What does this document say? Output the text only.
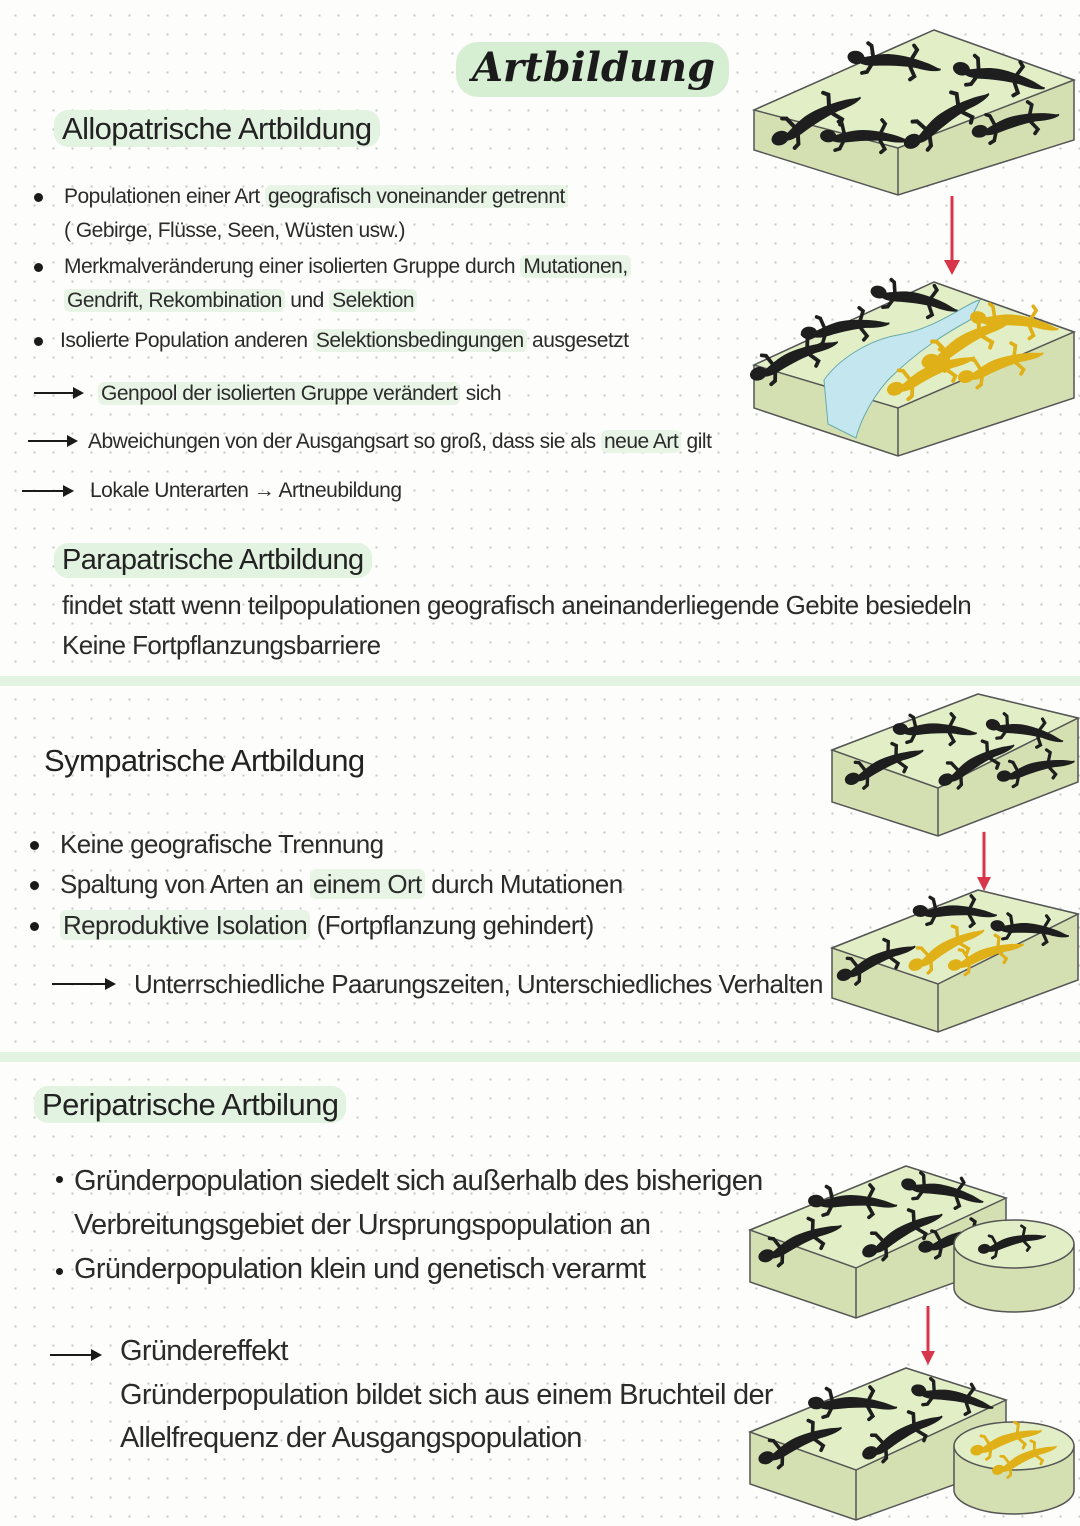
Artbildung
Allopatrische Artbildung
Populationen einer Art geografisch voneinander getrennt
( Gebirge, Flüsse, Seen, Wüsten usw.)
Merkmalveränderung einer isolierten Gruppe durch Mutationen,
Gendrift, Rekombination und Selektion
Isolierte Population anderen Selektionsbedingungen ausgesetzt
Genpool der isolierten Gruppe verändert sich
Abweichungen von der Ausgangsart so groß, dass sie als neue Art gilt
Lokale Unterarten → Artneubildung
Parapatrische Artbildung
findet statt wenn teilpopulationen geografisch aneinanderliegende Gebite besiedeln
Keine Fortpflanzungsbarriere
Sympatrische Artbildung
Keine geografische Trennung
Spaltung von Arten an einem Ort durch Mutationen
Reproduktive Isolation (Fortpflanzung gehindert)
Unterrschiedliche Paarungszeiten, Unterschiedliches Verhalten
Peripatrische Artbilung
Gründerpopulation siedelt sich außerhalb des bisherigen
Verbreitungsgebiet der Ursprungspopulation an
Gründerpopulation klein und genetisch verarmt
Gründereffekt
Gründerpopulation bildet sich aus einem Bruchteil der
Allelfrequenz der Ausgangspopulation
